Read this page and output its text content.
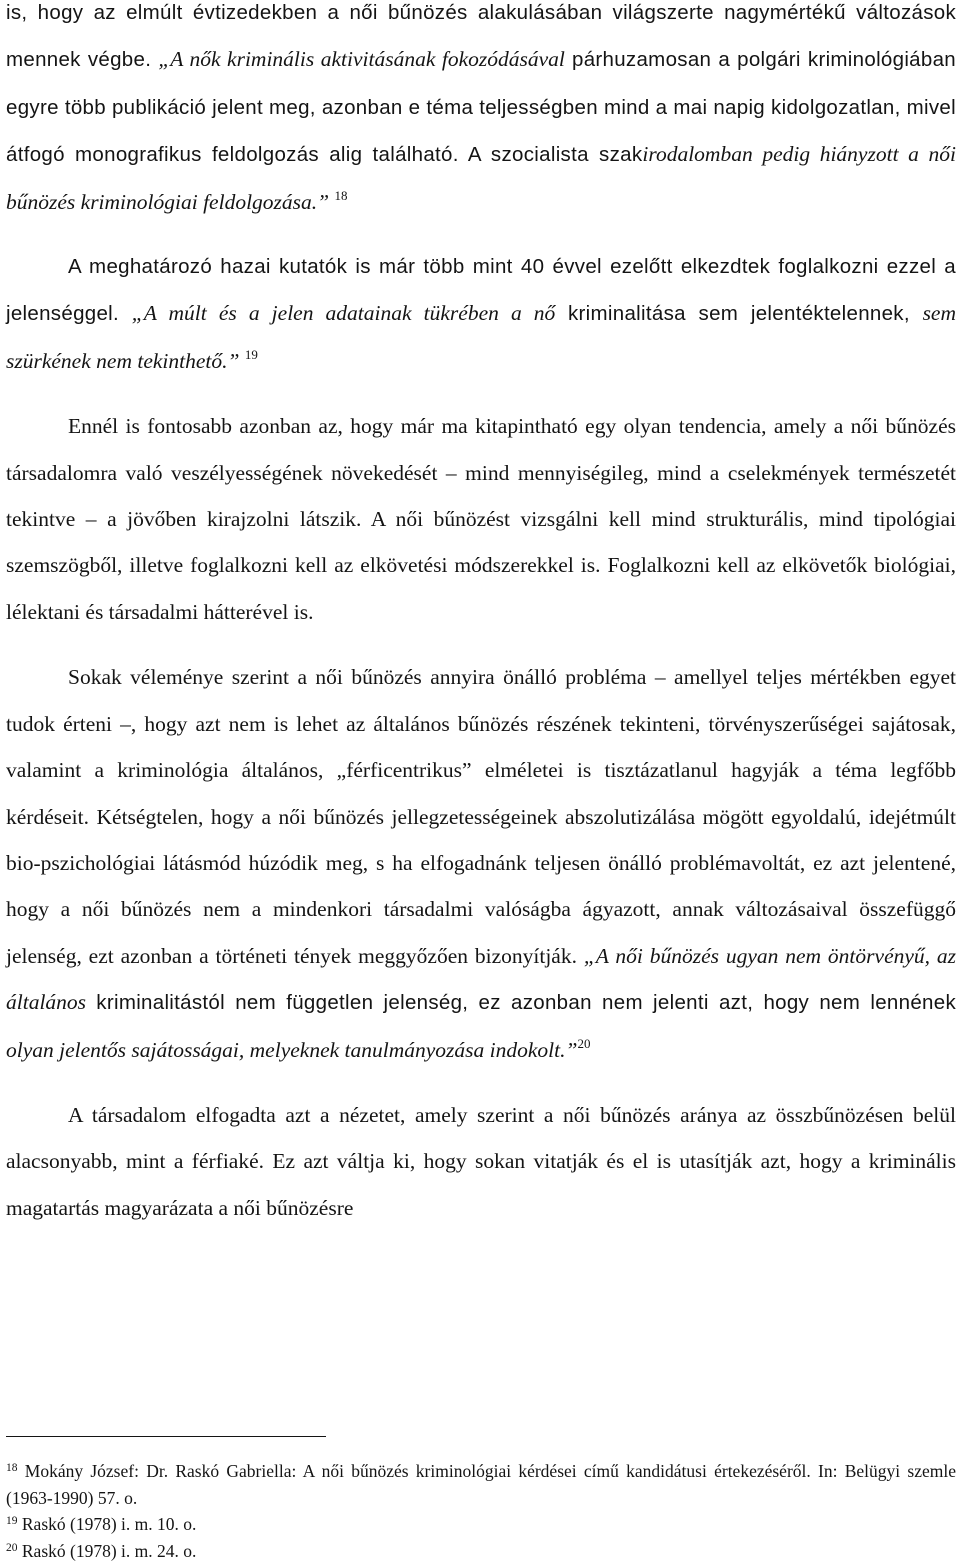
is, hogy az elmúlt évtizedekben a női bűnözés alakulásában világszerte nagymértékű változások mennek végbe. „A nők kriminális aktivitásának fokozódásával párhuzamosan a polgári kriminológiában egyre több publikáció jelent meg, azonban e téma teljességben mind a mai napig kidolgozatlan, mivel átfogó monografikus feldolgozás alig található. A szocialista szakirodalomban pedig hiányzott a női bűnözés kriminológiai feldolgozása.” $^{18}$

A meghatározó hazai kutatók is már több mint 40 évvel ezelőtt elkezdtek foglalkozni ezzel a jelenséggel. „A múlt és a jelen adatainak tükrében a nő kriminalitása sem jelentéktelennek, sem szürkének nem tekinthető.” $^{19}$

Ennél is fontosabb azonban az, hogy már ma kitapintható egy olyan tendencia, amely a női bűnözés társadalomra való veszélyességének növekedését – mind mennyiségileg, mind a cselekmények természetét tekintve – a jövőben kirajzolni látszik. A női bűnözést vizsgálni kell mind strukturális, mind tipológiai szemszögből, illetve foglalkozni kell az elkövetési módszerekkel is. Foglalkozni kell az elkövetők biológiai, lélektani és társadalmi hátterével is.

Sokak véleménye szerint a női bűnözés annyira önálló probléma – amellyel teljes mértékben egyet tudok érteni –, hogy azt nem is lehet az általános bűnözés részének tekinteni, törvényszerűségei sajátosak, valamint a kriminológia általános, „férficentrikus” elméletei is tisztázatlanul hagyják a téma legfőbb kérdéseit. Kétségtelen, hogy a női bűnözés jellegzetességeinek abszolutizálása mögött egyoldalú, idejétmúlt bio-pszichológiai látásmód húzódik meg, s ha elfogadnánk teljesen önálló problémavoltát, ez azt jelentené, hogy a női bűnözés nem a mindenkori társadalmi valóságba ágyazott, annak változásaival összefüggő jelenség, ezt azonban a történeti tények meggyőzően bizonyítják. „A női bűnözés ugyan nem öntörvényű, az általános kriminalitástól nem független jelenség, ez azonban nem jelenti azt, hogy nem lennének olyan jelentős sajátosságai, melyeknek tanulmányozása indokolt.”$^{20}$

A társadalom elfogadta azt a nézetet, amely szerint a női bűnözés aránya az összbűnözésen belül alacsonyabb, mint a férfiaké. Ez azt váltja ki, hogy sokan vitatják és el is utasítják azt, hogy a kriminális magatartás magyarázata a női bűnözésre

$^{18}$ Mokány József: Dr. Raskó Gabriella: A női bűnözés kriminológiai kérdései című kandidátusi értekezéséről. In: Belügyi szemle (1963-1990) 57. o.

$^{19}$ Raskó (1978) i. m. 10. o.

$^{20}$ Raskó (1978) i. m. 24. o.
